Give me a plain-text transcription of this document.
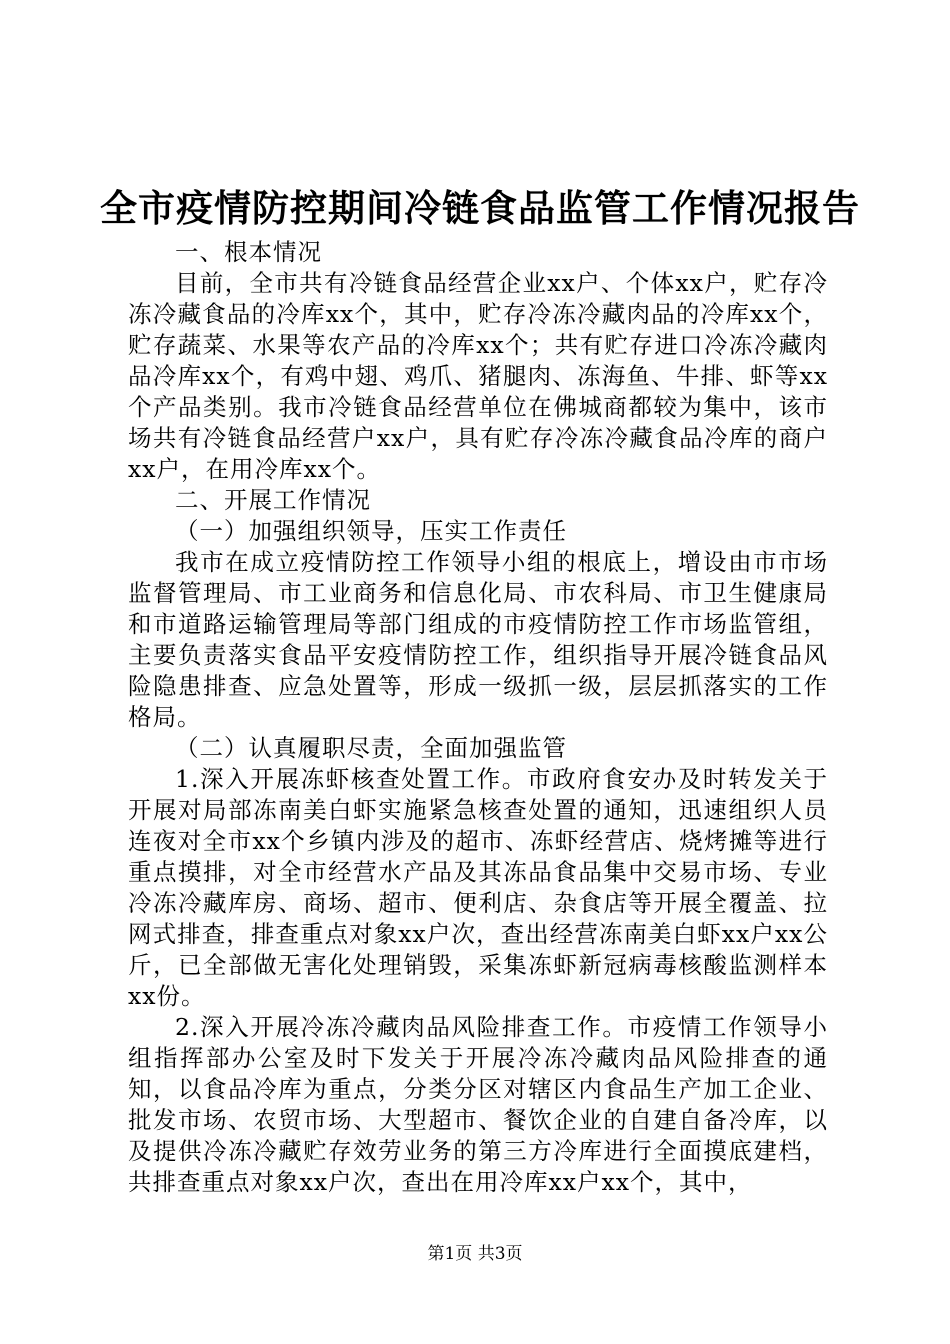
全市疫情防控期间冷链食品监管工作情况报告

一、根本情况

目前，全市共有冷链食品经营企业xx户、个体xx户，贮存冷冻冷藏食品的冷库xx个，其中，贮存冷冻冷藏肉品的冷库xx个，贮存蔬菜、水果等农产品的冷库xx个；共有贮存进口冷冻冷藏肉品冷库xx个，有鸡中翅、鸡爪、猪腿肉、冻海鱼、牛排、虾等xx个产品类别。我市冷链食品经营单位在佛城商都较为集中，该市场共有冷链食品经营户xx户，具有贮存冷冻冷藏食品冷库的商户xx户，在用冷库xx个。

二、开展工作情况

（一）加强组织领导，压实工作责任

我市在成立疫情防控工作领导小组的根底上，增设由市市场监督管理局、市工业商务和信息化局、市农科局、市卫生健康局和市道路运输管理局等部门组成的市疫情防控工作市场监管组，主要负责落实食品平安疫情防控工作，组织指导开展冷链食品风险隐患排查、应急处置等，形成一级抓一级，层层抓落实的工作格局。

（二）认真履职尽责，全面加强监管

1.深入开展冻虾核查处置工作。市政府食安办及时转发关于开展对局部冻南美白虾实施紧急核查处置的通知，迅速组织人员连夜对全市xx个乡镇内涉及的超市、冻虾经营店、烧烤摊等进行重点摸排，对全市经营水产品及其冻品食品集中交易市场、专业冷冻冷藏库房、商场、超市、便利店、杂食店等开展全覆盖、拉网式排查，排查重点对象xx户次，查出经营冻南美白虾xx户xx公斤，已全部做无害化处理销毁，采集冻虾新冠病毒核酸监测样本xx份。

2.深入开展冷冻冷藏肉品风险排查工作。市疫情工作领导小组指挥部办公室及时下发关于开展冷冻冷藏肉品风险排查的通知，以食品冷库为重点，分类分区对辖区内食品生产加工企业、批发市场、农贸市场、大型超市、餐饮企业的自建自备冷库，以及提供冷冻冷藏贮存效劳业务的第三方冷库进行全面摸底建档，共排查重点对象xx户次，查出在用冷库xx户xx个，其中，

第1页 共3页
